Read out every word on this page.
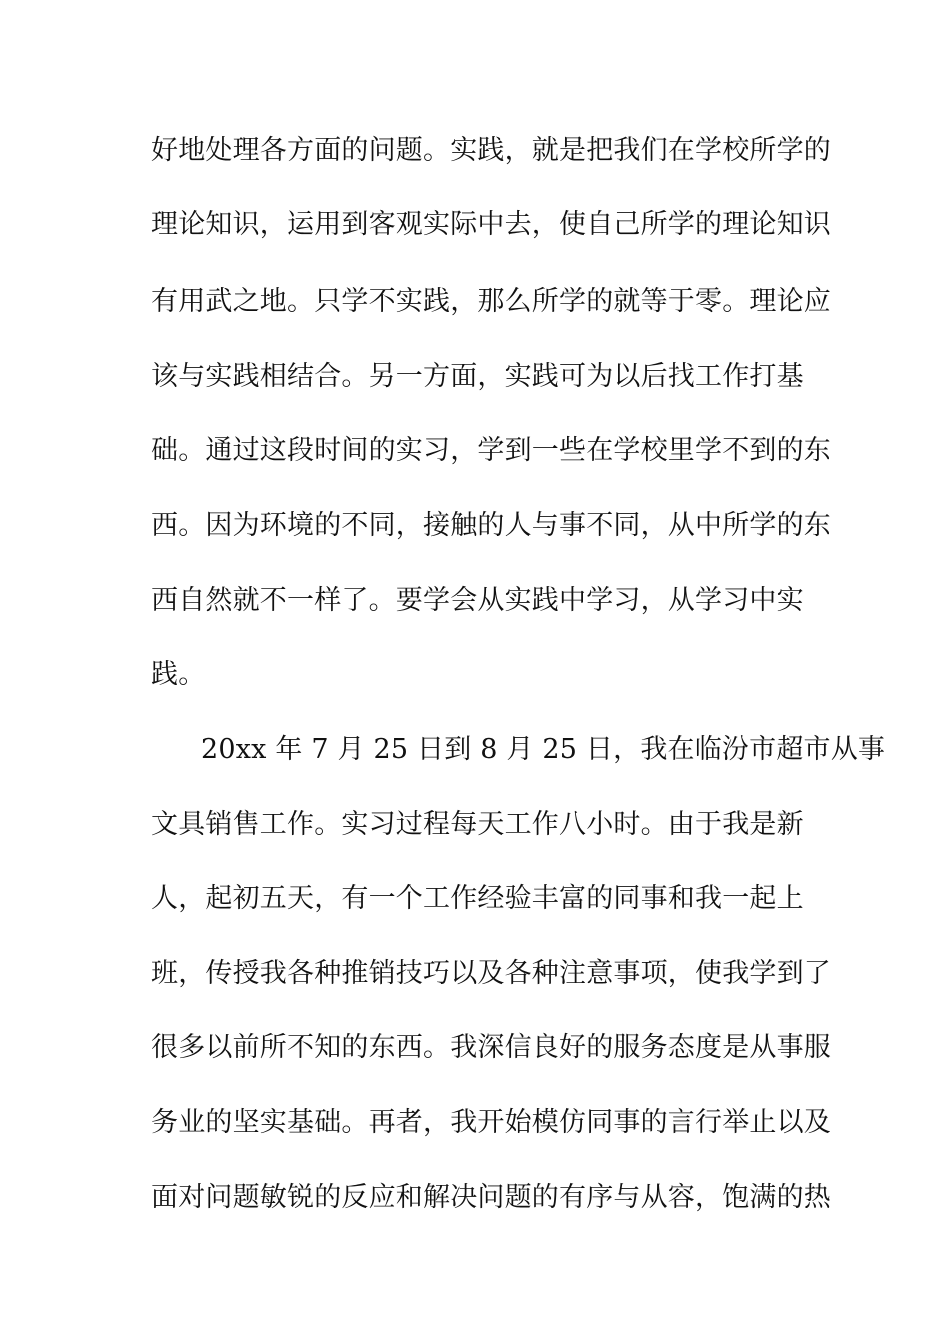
好地处理各方面的问题。实践，就是把我们在学校所学的
理论知识，运用到客观实际中去，使自己所学的理论知识
有用武之地。只学不实践，那么所学的就等于零。理论应
该与实践相结合。另一方面，实践可为以后找工作打基
础。通过这段时间的实习，学到一些在学校里学不到的东
西。因为环境的不同，接触的人与事不同，从中所学的东
西自然就不一样了。要学会从实践中学习，从学习中实
践。
20xx 年 7 月 25 日到 8 月 25 日，我在临汾市超市从事
文具销售工作。实习过程每天工作八小时。由于我是新
人，起初五天，有一个工作经验丰富的同事和我一起上
班，传授我各种推销技巧以及各种注意事项，使我学到了
很多以前所不知的东西。我深信良好的服务态度是从事服
务业的坚实基础。再者，我开始模仿同事的言行举止以及
面对问题敏锐的反应和解决问题的有序与从容，饱满的热
